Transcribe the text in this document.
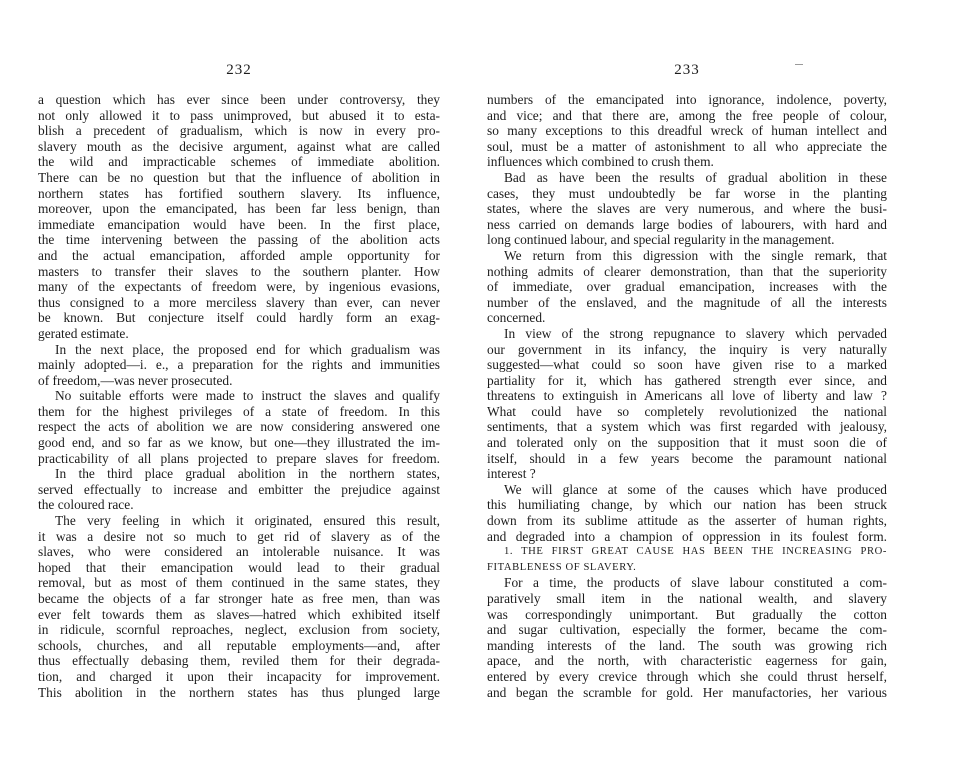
232
a question which has ever since been under controversy, they
not only allowed it to pass unimproved, but abused it to esta-
blish a precedent of gradualism, which is now in every pro-
slavery mouth as the decisive argument, against what are called
the wild and impracticable schemes of immediate abolition.
There can be no question but that the influence of abolition in
northern states has fortified southern slavery. Its influence,
moreover, upon the emancipated, has been far less benign, than
immediate emancipation would have been. In the first place,
the time intervening between the passing of the abolition acts
and the actual emancipation, afforded ample opportunity for
masters to transfer their slaves to the southern planter. How
many of the expectants of freedom were, by ingenious evasions,
thus consigned to a more merciless slavery than ever, can never
be known. But conjecture itself could hardly form an exag-
gerated estimate.
In the next place, the proposed end for which gradualism was
mainly adopted—i. e., a preparation for the rights and immunities
of freedom,—was never prosecuted.
No suitable efforts were made to instruct the slaves and qualify
them for the highest privileges of a state of freedom. In this
respect the acts of abolition we are now considering answered one
good end, and so far as we know, but one—they illustrated the im-
practicability of all plans projected to prepare slaves for freedom.
In the third place gradual abolition in the northern states,
served effectually to increase and embitter the prejudice against
the coloured race.
The very feeling in which it originated, ensured this result,
it was a desire not so much to get rid of slavery as of the
slaves, who were considered an intolerable nuisance. It was
hoped that their emancipation would lead to their gradual
removal, but as most of them continued in the same states, they
became the objects of a far stronger hate as free men, than was
ever felt towards them as slaves—hatred which exhibited itself
in ridicule, scornful reproaches, neglect, exclusion from society,
schools, churches, and all reputable employments—and, after
thus effectually debasing them, reviled them for their degrada-
tion, and charged it upon their incapacity for improvement.
This abolition in the northern states has thus plunged large
233
numbers of the emancipated into ignorance, indolence, poverty,
and vice; and that there are, among the free people of colour,
so many exceptions to this dreadful wreck of human intellect and
soul, must be a matter of astonishment to all who appreciate the
influences which combined to crush them.
Bad as have been the results of gradual abolition in these
cases, they must undoubtedly be far worse in the planting
states, where the slaves are very numerous, and where the busi-
ness carried on demands large bodies of labourers, with hard and
long continued labour, and special regularity in the management.
We return from this digression with the single remark, that
nothing admits of clearer demonstration, than that the superiority
of immediate, over gradual emancipation, increases with the
number of the enslaved, and the magnitude of all the interests
concerned.
In view of the strong repugnance to slavery which pervaded
our government in its infancy, the inquiry is very naturally
suggested—what could so soon have given rise to a marked
partiality for it, which has gathered strength ever since, and
threatens to extinguish in Americans all love of liberty and law ?
What could have so completely revolutionized the national
sentiments, that a system which was first regarded with jealousy,
and tolerated only on the supposition that it must soon die of
itself, should in a few years become the paramount national
interest ?
We will glance at some of the causes which have produced
this humiliating change, by which our nation has been struck
down from its sublime attitude as the asserter of human rights,
and degraded into a champion of oppression in its foulest form.
1. THE FIRST GREAT CAUSE HAS BEEN THE INCREASING PRO-
FITABLENESS OF SLAVERY.
For a time, the products of slave labour constituted a com-
paratively small item in the national wealth, and slavery
was correspondingly unimportant. But gradually the cotton
and sugar cultivation, especially the former, became the com-
manding interests of the land. The south was growing rich
apace, and the north, with characteristic eagerness for gain,
entered by every crevice through which she could thrust herself,
and began the scramble for gold. Her manufactories, her various
